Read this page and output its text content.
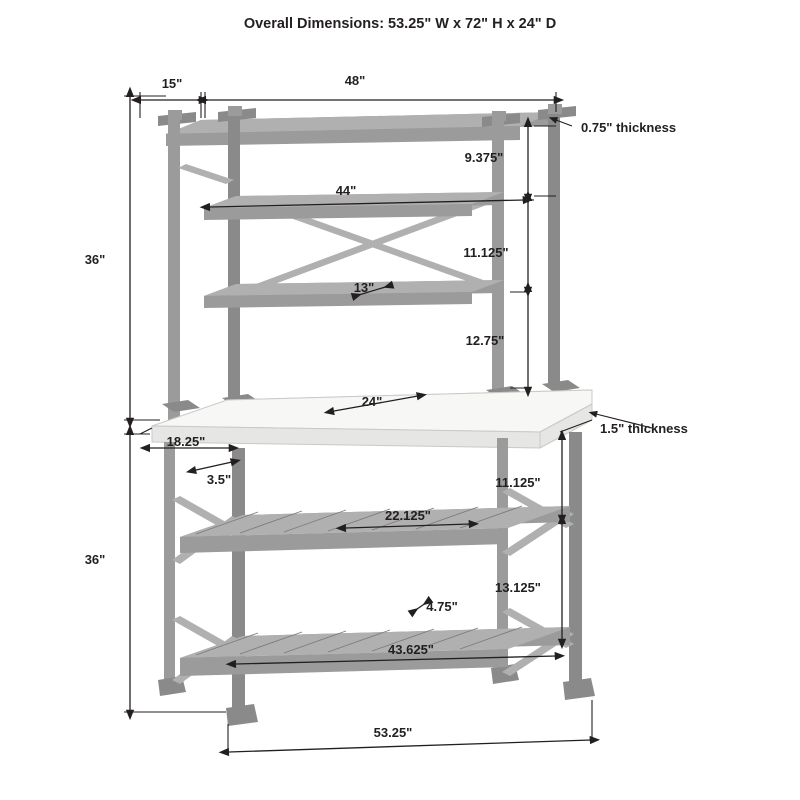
Overall Dimensions: 53.25" W x 72" H x 24" D
15"	48"
0.75" thickness
9.375"
44"
11.125"
13"
12.75"
36"
24"
1.5" thickness
18.25"
3.5"	11.125"
22.125"
13.125"
4.75"
43.625"
36"
53.25"
